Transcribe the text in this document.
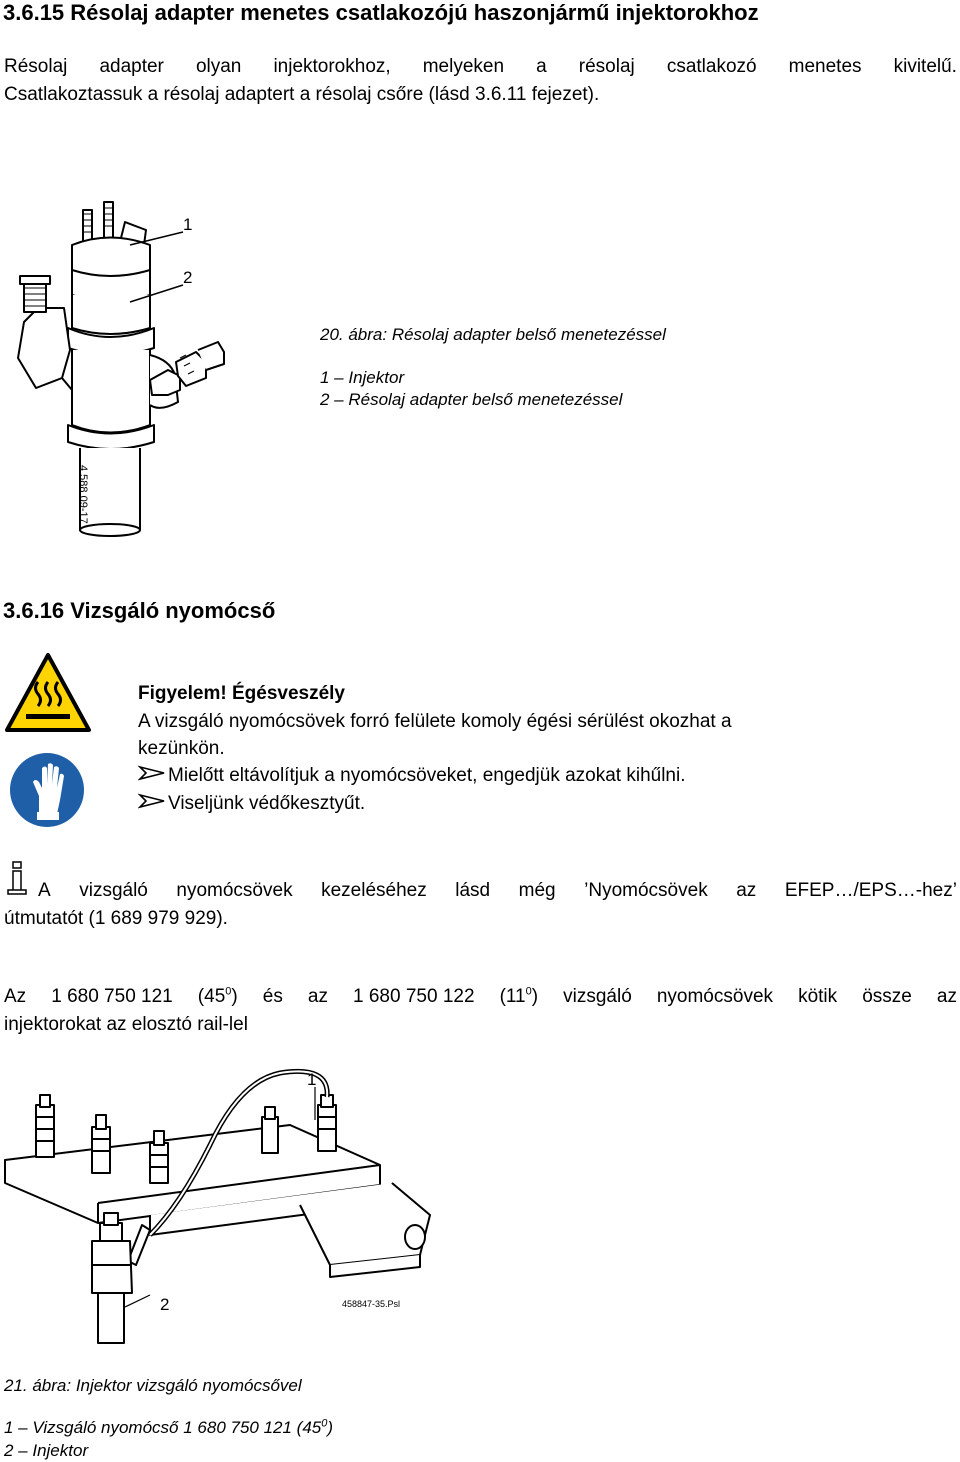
3.6.15 Résolaj adapter menetes csatlakozójú haszonjármű injektorokhoz
Résolaj adapter olyan injektorokhoz, melyeken a résolaj csatlakozó menetes kivitelű.
Csatlakoztassuk a résolaj adaptert a résolaj csőre (lásd 3.6.11 fejezet).
1
2
4 588 09-17
20. ábra: Résolaj adapter belső menetezéssel
1 – Injektor
2 – Résolaj adapter belső menetezéssel
3.6.16 Vizsgáló nyomócső
Figyelem! Égésveszély
A vizsgáló nyomócsövek forró felülete komoly égési sérülést okozhat a
kezünkön.
Mielőtt eltávolítjuk a nyomócsöveket, engedjük azokat kihűlni.
Viseljünk védőkesztyűt.
A vizsgáló nyomócsövek kezeléséhez lásd még ’Nyomócsövek az EFEP…/EPS…-hez’
útmutatót (1 689 979 929).
Az 1 680 750 121 $(45^0)$ és az 1 680 750 122 $(11^0)$ vizsgáló nyomócsövek kötik össze az
injektorokat az elosztó rail-lel
1
2	458847-35.Psl
21. ábra: Injektor vizsgáló nyomócsővel
1 – Vizsgáló nyomócső 1 680 750 121 $(45^0)$
2 – Injektor
